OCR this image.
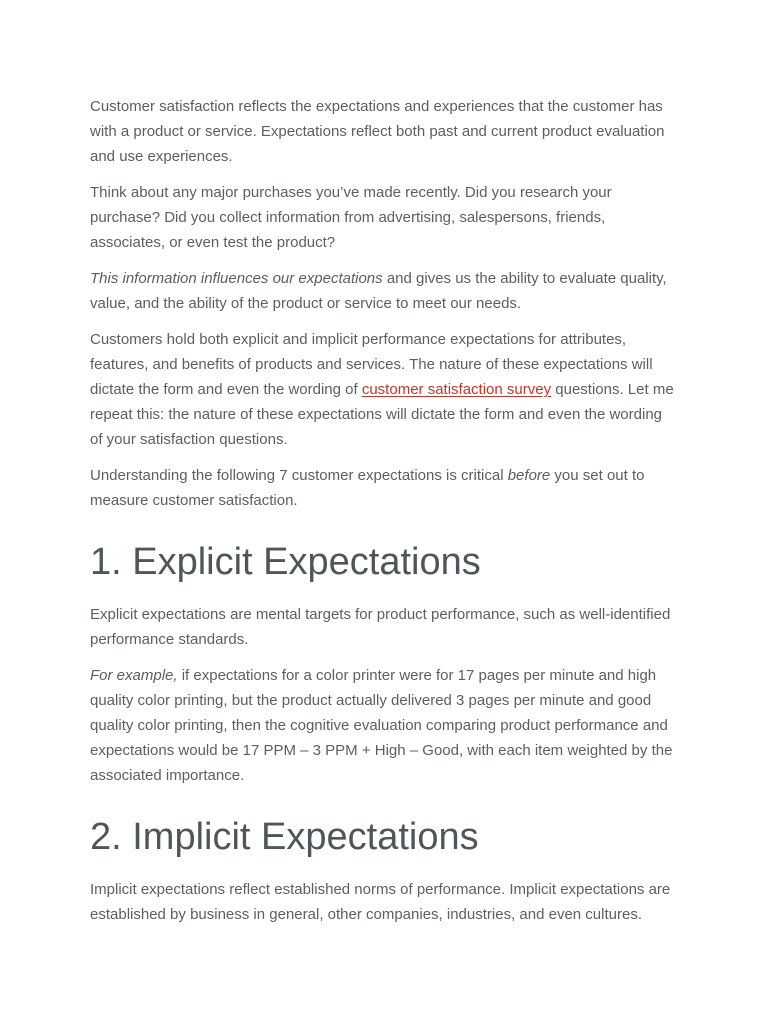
Customer satisfaction reflects the expectations and experiences that the customer has with a product or service. Expectations reflect both past and current product evaluation and use experiences.

Think about any major purchases you’ve made recently. Did you research your purchase? Did you collect information from advertising, salespersons, friends, associates, or even test the product?

This information influences our expectations and gives us the ability to evaluate quality, value, and the ability of the product or service to meet our needs.

Customers hold both explicit and implicit performance expectations for attributes, features, and benefits of products and services. The nature of these expectations will dictate the form and even the wording of customer satisfaction survey questions. Let me repeat this: the nature of these expectations will dictate the form and even the wording of your satisfaction questions.

Understanding the following 7 customer expectations is critical before you set out to measure customer satisfaction.

1. Explicit Expectations

Explicit expectations are mental targets for product performance, such as well-identified performance standards.

For example, if expectations for a color printer were for 17 pages per minute and high quality color printing, but the product actually delivered 3 pages per minute and good quality color printing, then the cognitive evaluation comparing product performance and expectations would be 17 PPM – 3 PPM + High – Good, with each item weighted by the associated importance.

2. Implicit Expectations

Implicit expectations reflect established norms of performance. Implicit expectations are established by business in general, other companies, industries, and even cultures.
